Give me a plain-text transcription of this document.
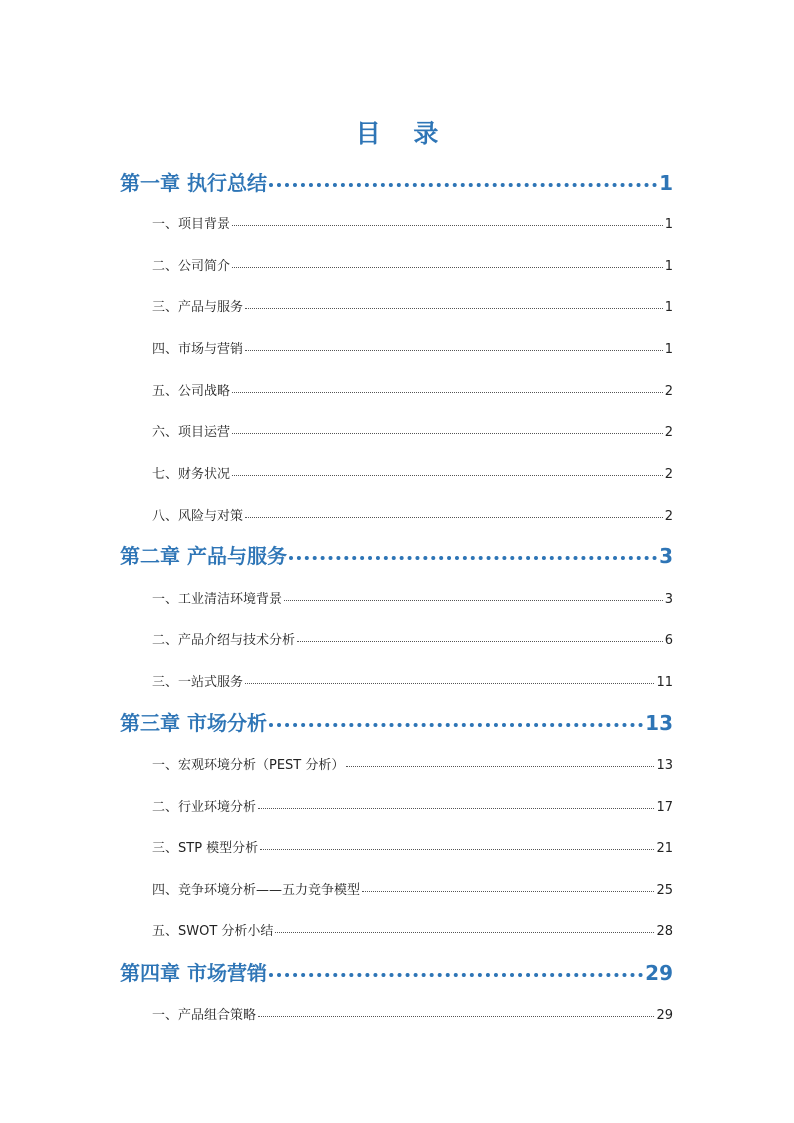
目 录
第一章 执行总结	1
一、项目背景	1
二、公司简介	1
三、产品与服务	1
四、市场与营销	1
五、公司战略	2
六、项目运营	2
七、财务状况	2
八、风险与对策	2
第二章 产品与服务	3
一、工业清洁环境背景	3
二、产品介绍与技术分析	6
三、一站式服务	11
第三章 市场分析	13
一、宏观环境分析（PEST 分析）	13
二、行业环境分析	17
三、STP 模型分析	21
四、竞争环境分析——五力竞争模型	25
五、SWOT 分析小结	28
第四章 市场营销	29
一、产品组合策略	29
